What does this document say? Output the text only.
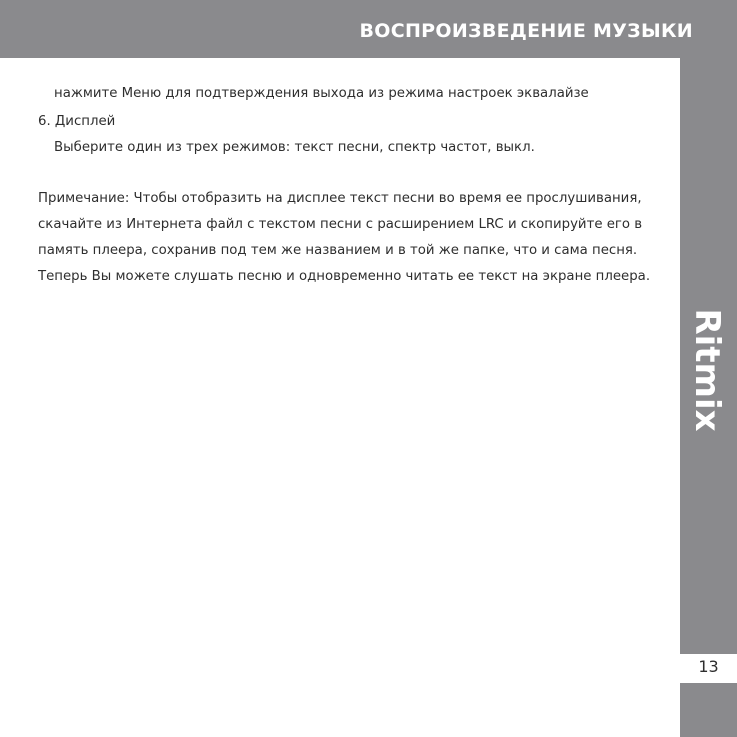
ВОСПРОИЗВЕДЕНИЕ МУЗЫКИ
Ritmix
13
нажмите Меню для подтверждения выхода из режима настроек эквалайзе
6. Дисплей
Выберите один из трех режимов: текст песни, спектр частот, выкл.
Примечание: Чтобы отобразить на дисплее текст песни во время ее прослушивания,
скачайте из Интернета файл с текстом песни с расширением LRC и скопируйте его в
память плеера, сохранив под тем же названием и в той же папке, что и сама песня.
Теперь Вы можете слушать песню и одновременно читать ее текст на экране плеера.
